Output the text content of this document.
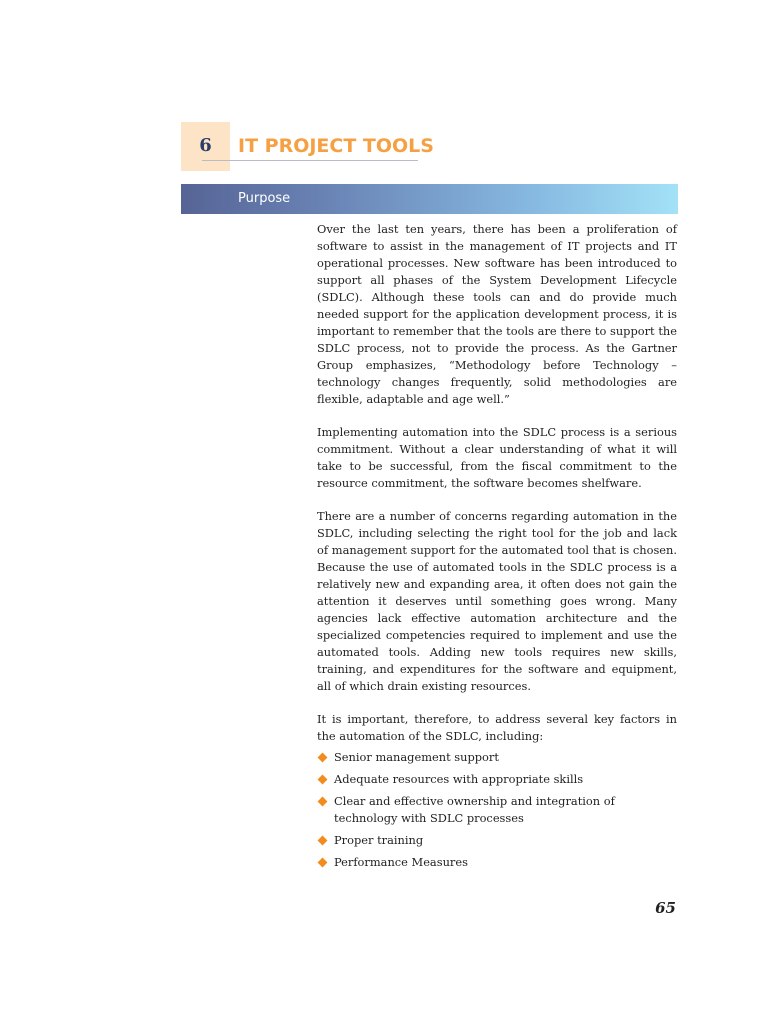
6	IT PROJECT TOOLS
Purpose

Over the last ten years, there has been a proliferation of software to assist in the management of IT projects and IT operational processes. New software has been introduced to support all phases of the System Development Lifecycle (SDLC). Although these tools can and do provide much needed support for the application development process, it is important to remember that the tools are there to support the SDLC process, not to provide the process. As the Gartner Group emphasizes, “Methodology before Technology – technology changes frequently, solid methodologies are flexible, adaptable and age well.”

Implementing automation into the SDLC process is a serious commitment. Without a clear understanding of what it will take to be successful, from the fiscal commitment to the resource commitment, the software becomes shelfware.

There are a number of concerns regarding automation in the SDLC, including selecting the right tool for the job and lack of management support for the automated tool that is chosen. Because the use of automated tools in the SDLC process is a relatively new and expanding area, it often does not gain the attention it deserves until something goes wrong. Many agencies lack effective automation architecture and the specialized competencies required to implement and use the automated tools. Adding new tools requires new skills, training, and expenditures for the software and equipment, all of which drain existing resources.

It is important, therefore, to address several key factors in the automation of the SDLC, including:

Senior management support
Adequate resources with appropriate skills
Clear and effective ownership and integration of technology with SDLC processes
Proper training
Performance Measures
65
